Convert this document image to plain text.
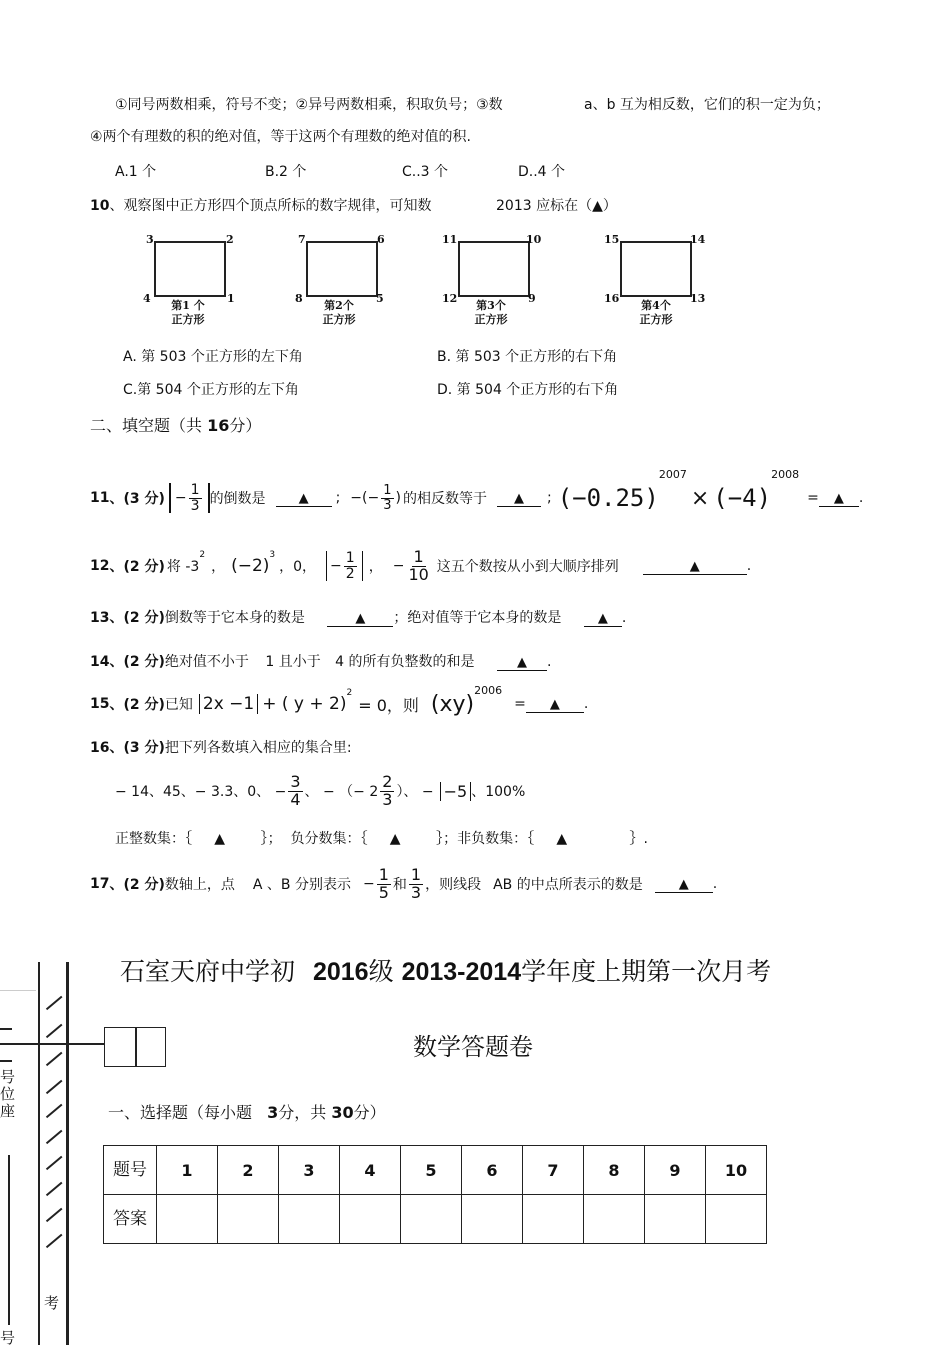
①同号两数相乘，符号不变；②异号两数相乘，积取负号；③数	a、b 互为相反数，它们的积一定为负；
④两个有理数的积的绝对值，等于这两个有理数的绝对值的积.
A.1 个	B.2 个	C..3 个	D..4 个
10、观察图中正方形四个顶点所标的数字规律，可知数	2013 应标在（▲）
3	2
4	1
第1 个
正方形
7	6
8	5
第2个
正方形
11	10
12	9
第3个
正方形
15	14
16	13
第4个
正方形
A. 第 503 个正方形的左下角	B. 第 503 个正方形的右下角
C.第 504 个正方形的左下角	D. 第 504 个正方形的右下角
二、填空题（共 16分）
11 、 (3 分) − $\frac{1}{3}$ 的倒数是	▲	; −(− $\frac{1}{3}$ ) 的相反数等于	▲	; (−0.25)
2007
× (−4)
2008
=	▲	.
12 、 (2 分) 将 -3
$^2$
， (−2)
$^3$
，0， − $\frac{1}{2}$ ， − $\frac{1}{10}$ 这五个数按从小到大顺序排列	▲	.
13、(2 分)倒数等于它本身的数是	▲ ；绝对值等于它本身的数是	▲ .
14、(2 分)绝对值不小于 1 且小于 4 的所有负整数的和是	▲ .
15 、 (2 分) 已知 2x −1 + ( y + 2)
$^2$
= 0，则 (xy)
$^{2006}$
=	▲	.
16、(3 分)把下列各数填入相应的集合里:
− 14、45、− 3.3、0、 − $\frac{3}{4}$ 、 − （− $2 \frac{2}{3}$ ）、 − −5 、100%
正整数集：｛     ▲        ｝；  负分数集：｛     ▲        ｝；非负数集：｛     ▲              ｝.
17 、 (2 分) 数轴上，点 A 、B 分别表示 − $\frac{1}{5}$ 和 $\frac{1}{3}$ ，则线段 AB 的中点所表示的数是	▲	.
石室天府中学初 2016级 2013-2014学年度上期第一次月考
数学答题卷
一、选择题（每小题 3分，共 30分）
题号	1	2	3	4	5	6	7	8	9	10
答案										
号
位
座
考
号
